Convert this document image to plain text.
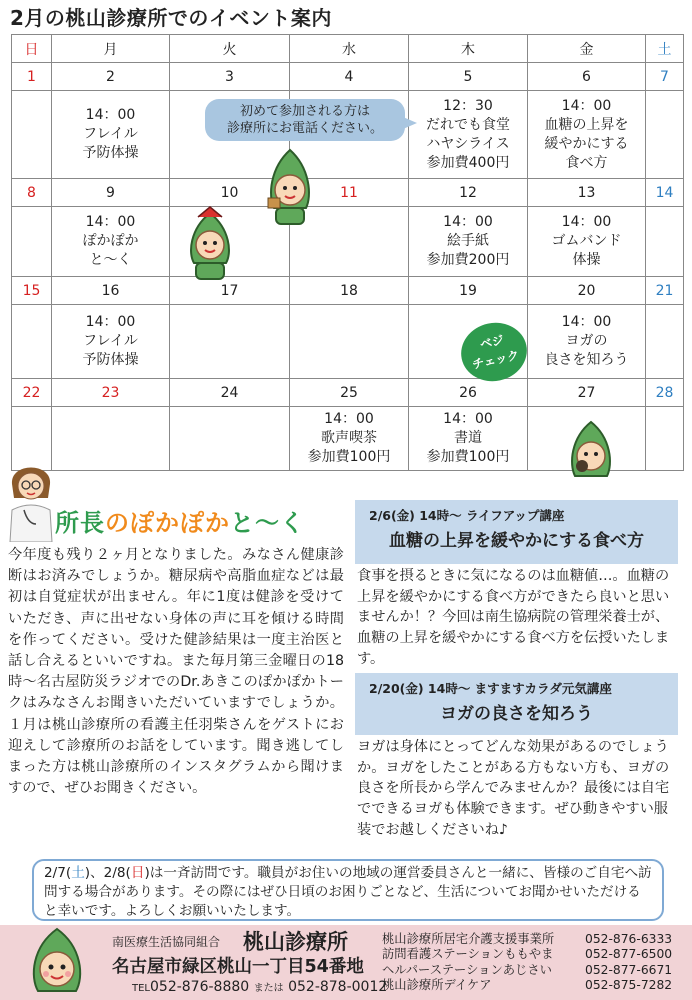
2月の桃山診療所でのイベント案内
日	月	火	水	木	金	土
1	2	3	4	5	6	7
	14：00
フレイル
予防体操			12：30
だれでも食堂
ハヤシライス
参加費400円	14：00
血糖の上昇を
緩やかにする
食べ方	
8	9	10	11	12	13	14
	14：00
ぽかぽか
と～く			14：00
絵手紙
参加費200円	14：00
ゴムバンド
体操	
15	16	17	18	19	20	21
	14：00
フレイル
予防体操				14：00
ヨガの
良さを知ろう	
22	23	24	25	26	27	28
			14：00
歌声喫茶
参加費100円	14：00
書道
参加費100円		
初めて参加される方は
診療所にお電話ください。
ベジ
チェック
所長のぽかぽかと～く
今年度も残り２ヶ月となりました。みなさん健康診断はお済みでしょうか。糖尿病や高脂血症などは最初は自覚症状が出ません。年に1度は健診を受けていただき、声に出せない身体の声に耳を傾ける時間を作ってください。受けた健診結果は一度主治医と話し合えるといいですね。また毎月第三金曜日の18時～名古屋防災ラジオでのDr.あきこのぽかぽかトークはみなさんお聞きいただいていますでしょうか。１月は桃山診療所の看護主任羽柴さんをゲストにお迎えして診療所のお話をしています。聞き逃してしまった方は桃山診療所のインスタグラムから聞けますので、ぜひお聞きください。
2/6(金) 14時～ ライフアップ講座
血糖の上昇を緩やかにする食べ方
食事を摂るときに気になるのは血糖値…。血糖の上昇を緩やかにする食べ方ができたら良いと思いませんか！？今回は南生協病院の管理栄養士が、血糖の上昇を緩やかにする食べ方を伝授いたします。
2/20(金) 14時～ ますますカラダ元気講座
ヨガの良さを知ろう
ヨガは身体にとってどんな効果があるのでしょうか。ヨガをしたことがある方もない方も、ヨガの良さを所長から学んでみませんか？最後には自宅でできるヨガも体験できます。ぜひ動きやすい服装でお越しくださいね♪
2/7(土)、2/8(日)は一斉訪問です。職員がお住いの地域の運営委員さんと一緒に、皆様のご自宅へ訪問する場合があります。その際にはぜひ日頃のお困りごとなど、生活についてお聞かせいただけると幸いです。よろしくお願いいたします。
南医療生活協同組合 桃山診療所
名古屋市緑区桃山一丁目54番地
TEL052-876-8880 または 052-878-0012
桃山診療所居宅介護支援事業所
訪問看護ステーションももやま
ヘルパーステーションあじさい
桃山診療所デイケア
052-876-6333
052-877-6500
052-877-6671
052-875-7282
